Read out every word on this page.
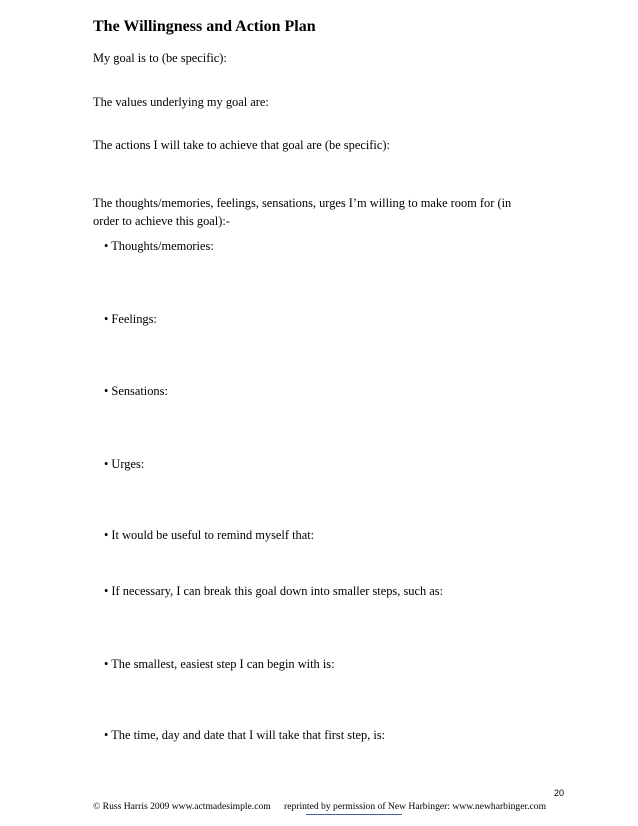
The Willingness and Action Plan
My goal is to (be specific):
The values underlying my goal are:
The actions I will take to achieve that goal are (be specific):
The thoughts/memories, feelings, sensations, urges I’m willing to make room for (in order to achieve this goal):-
• Thoughts/memories:
• Feelings:
• Sensations:
• Urges:
• It would be useful to remind myself that:
• If necessary, I can break this goal down into smaller steps, such as:
• The smallest, easiest step I can begin with is:
• The time, day and date that I will take that first step, is:
20
© Russ Harris 2009 www.actmadesimple.com reprinted by permission of New Harbinger: www.newharbinger.com
